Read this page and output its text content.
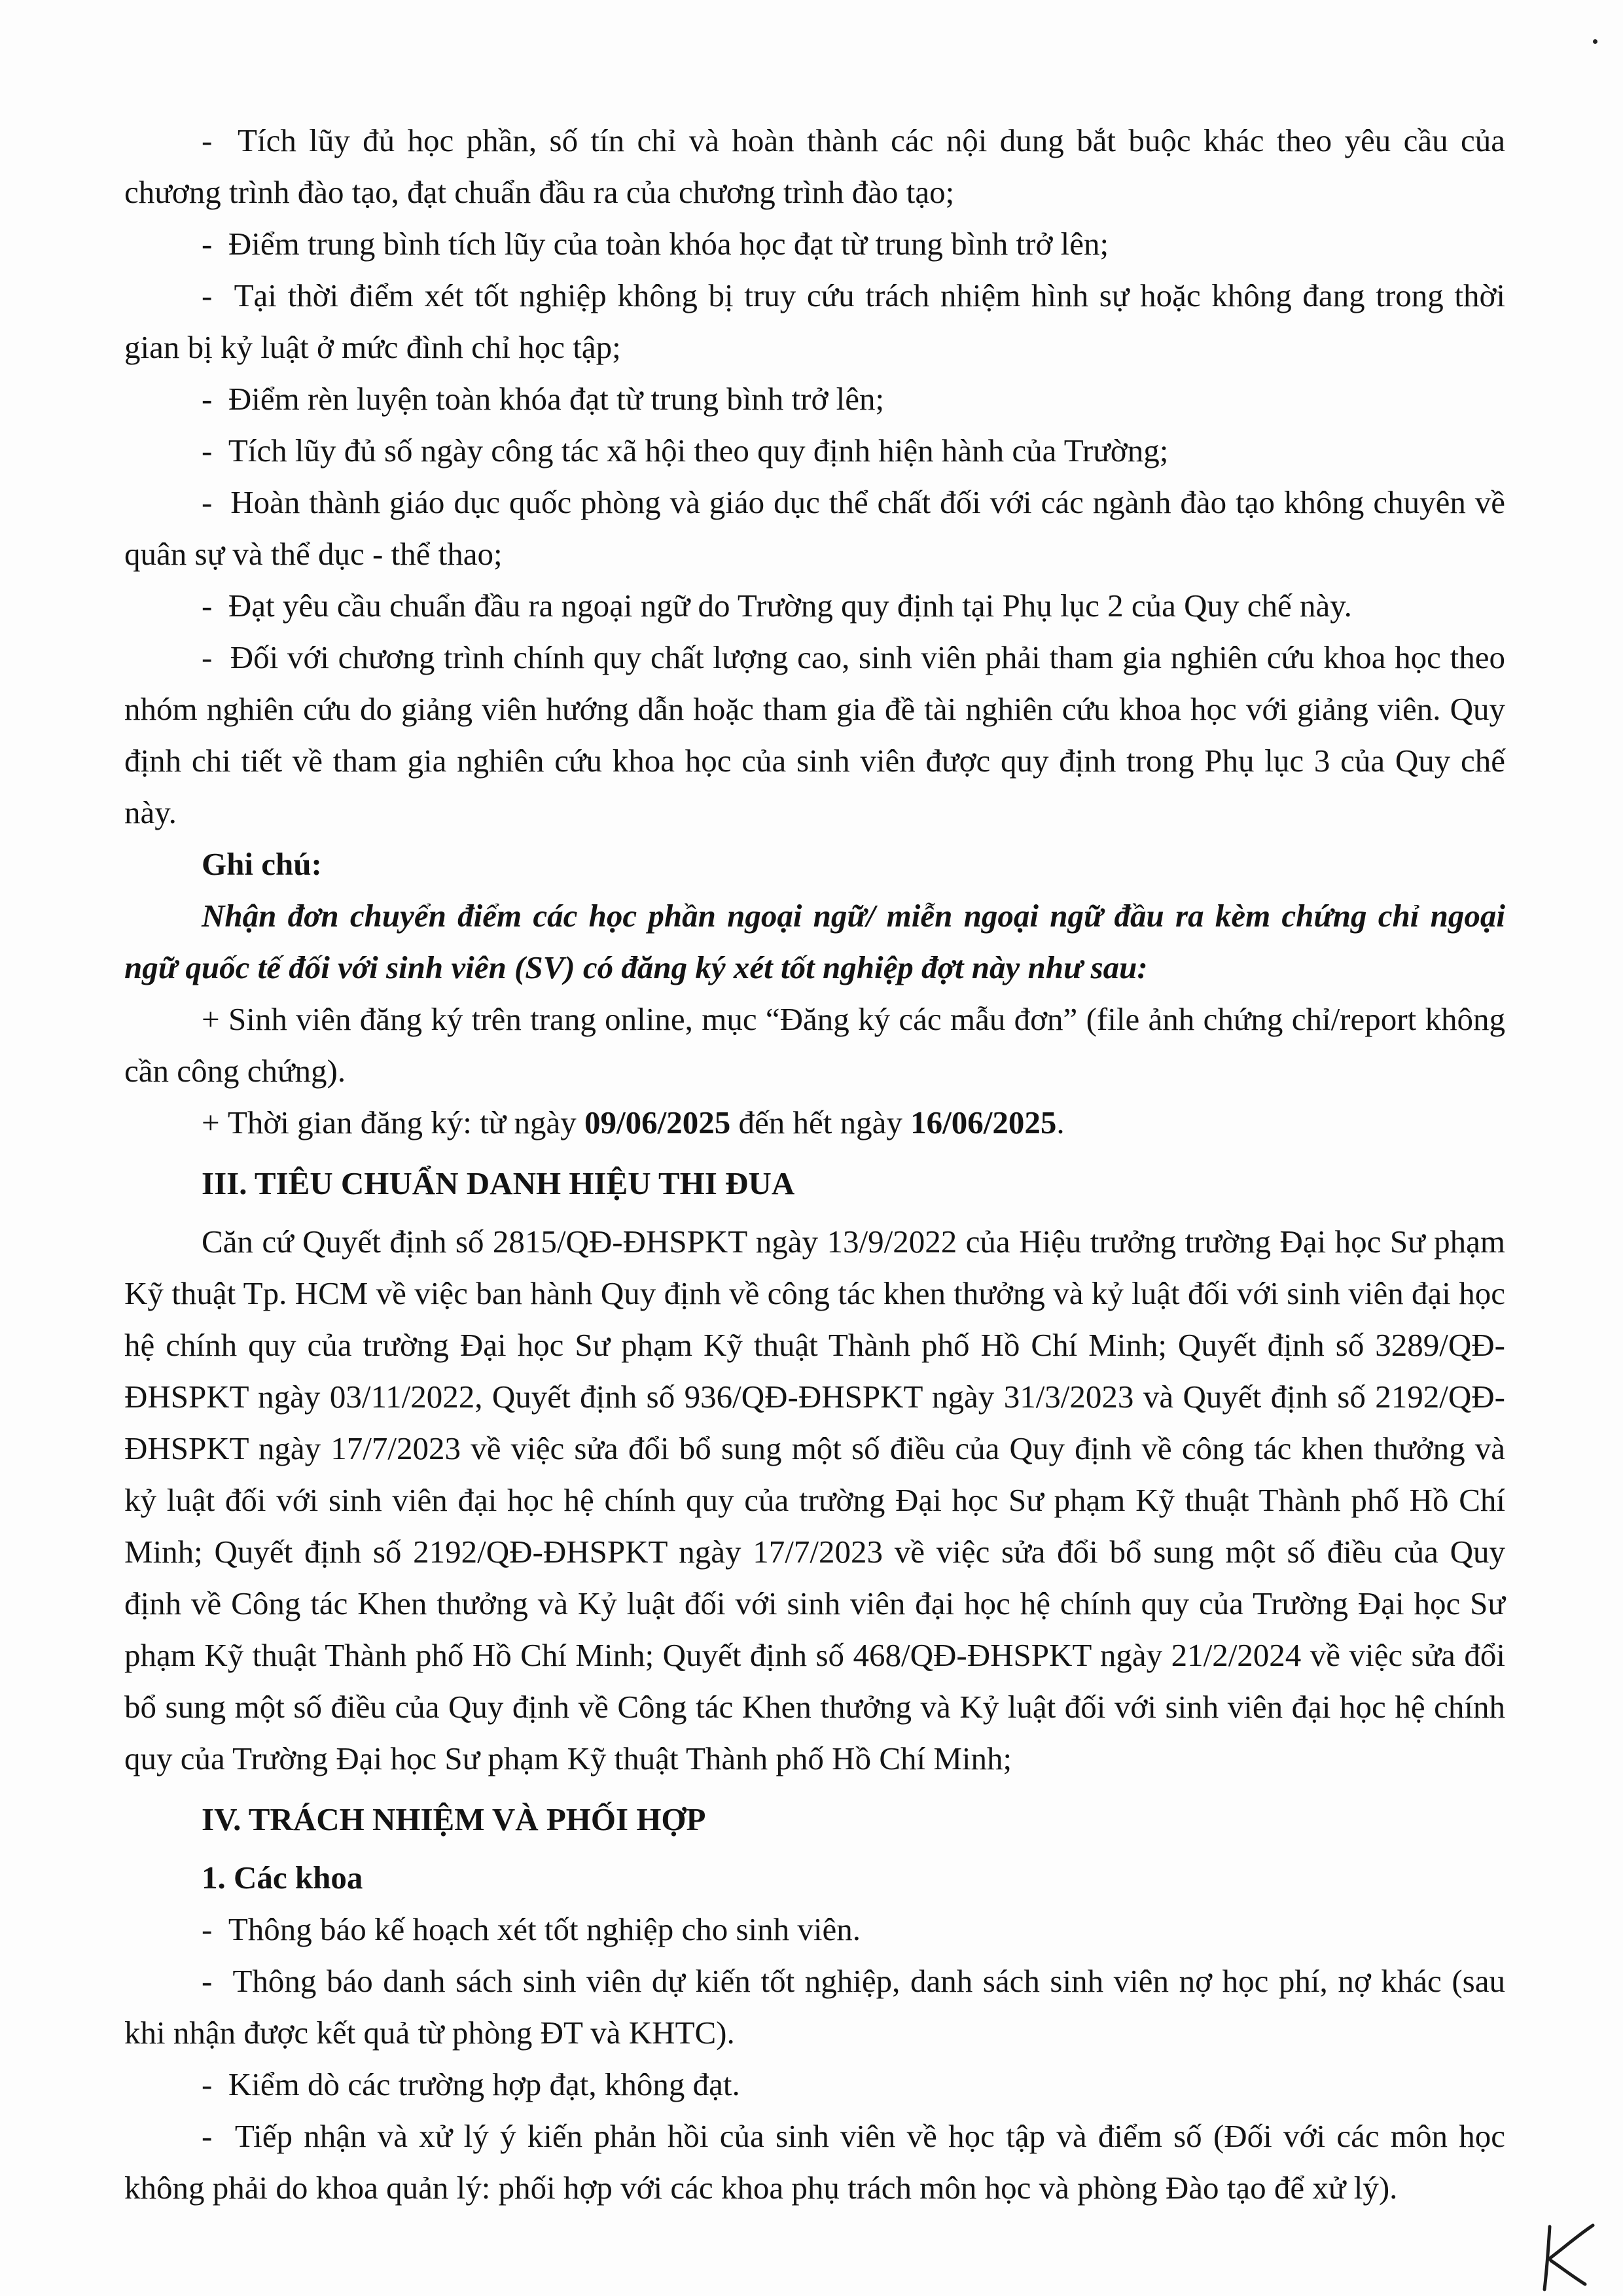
-  Tích lũy đủ học phần, số tín chỉ và hoàn thành các nội dung bắt buộc khác theo yêu cầu của chương trình đào tạo, đạt chuẩn đầu ra của chương trình đào tạo;

-  Điểm trung bình tích lũy của toàn khóa học đạt từ trung bình trở lên;

-  Tại thời điểm xét tốt nghiệp không bị truy cứu trách nhiệm hình sự hoặc không đang trong thời gian bị kỷ luật ở mức đình chỉ học tập;

-  Điểm rèn luyện toàn khóa đạt từ trung bình trở lên;

-  Tích lũy đủ số ngày công tác xã hội theo quy định hiện hành của Trường;

-  Hoàn thành giáo dục quốc phòng và giáo dục thể chất đối với các ngành đào tạo không chuyên về quân sự và thể dục - thể thao;

-  Đạt yêu cầu chuẩn đầu ra ngoại ngữ do Trường quy định tại Phụ lục 2 của Quy chế này.

-  Đối với chương trình chính quy chất lượng cao, sinh viên phải tham gia nghiên cứu khoa học theo nhóm nghiên cứu do giảng viên hướng dẫn hoặc tham gia đề tài nghiên cứu khoa học với giảng viên. Quy định chi tiết về tham gia nghiên cứu khoa học của sinh viên được quy định trong Phụ lục 3 của Quy chế này.

Ghi chú:

Nhận đơn chuyển điểm các học phần ngoại ngữ/ miễn ngoại ngữ đầu ra kèm chứng chỉ ngoại ngữ quốc tế đối với sinh viên (SV) có đăng ký xét tốt nghiệp đợt này như sau:

+ Sinh viên đăng ký trên trang online, mục “Đăng ký các mẫu đơn” (file ảnh chứng chỉ/report không cần công chứng).

+ Thời gian đăng ký: từ ngày 09/06/2025 đến hết ngày 16/06/2025.

III. TIÊU CHUẨN DANH HIỆU THI ĐUA

Căn cứ Quyết định số 2815/QĐ-ĐHSPKT ngày 13/9/2022 của Hiệu trưởng trường Đại học Sư phạm Kỹ thuật Tp. HCM về việc ban hành Quy định về công tác khen thưởng và kỷ luật đối với sinh viên đại học hệ chính quy của trường Đại học Sư phạm Kỹ thuật Thành phố Hồ Chí Minh; Quyết định số 3289/QĐ-ĐHSPKT ngày 03/11/2022, Quyết định số 936/QĐ-ĐHSPKT ngày 31/3/2023 và Quyết định số 2192/QĐ-ĐHSPKT ngày 17/7/2023 về việc sửa đổi bổ sung một số điều của Quy định về công tác khen thưởng và kỷ luật đối với sinh viên đại học hệ chính quy của trường Đại học Sư phạm Kỹ thuật Thành phố Hồ Chí Minh; Quyết định số 2192/QĐ-ĐHSPKT ngày 17/7/2023 về việc sửa đổi bổ sung một số điều của Quy định về Công tác Khen thưởng và Kỷ luật đối với sinh viên đại học hệ chính quy của Trường Đại học Sư phạm Kỹ thuật Thành phố Hồ Chí Minh; Quyết định số 468/QĐ-ĐHSPKT ngày 21/2/2024 về việc sửa đổi bổ sung một số điều của Quy định về Công tác Khen thưởng và Kỷ luật đối với sinh viên đại học hệ chính quy của Trường Đại học Sư phạm Kỹ thuật Thành phố Hồ Chí Minh;

IV. TRÁCH NHIỆM VÀ PHỐI HỢP

1. Các khoa

-  Thông báo kế hoạch xét tốt nghiệp cho sinh viên.

-  Thông báo danh sách sinh viên dự kiến tốt nghiệp, danh sách sinh viên nợ học phí, nợ khác (sau khi nhận được kết quả từ phòng ĐT và KHTC).

-  Kiểm dò các trường hợp đạt, không đạt.

-  Tiếp nhận và xử lý ý kiến phản hồi của sinh viên về học tập và điểm số (Đối với các môn học không phải do khoa quản lý: phối hợp với các khoa phụ trách môn học và phòng Đào tạo để xử lý).
